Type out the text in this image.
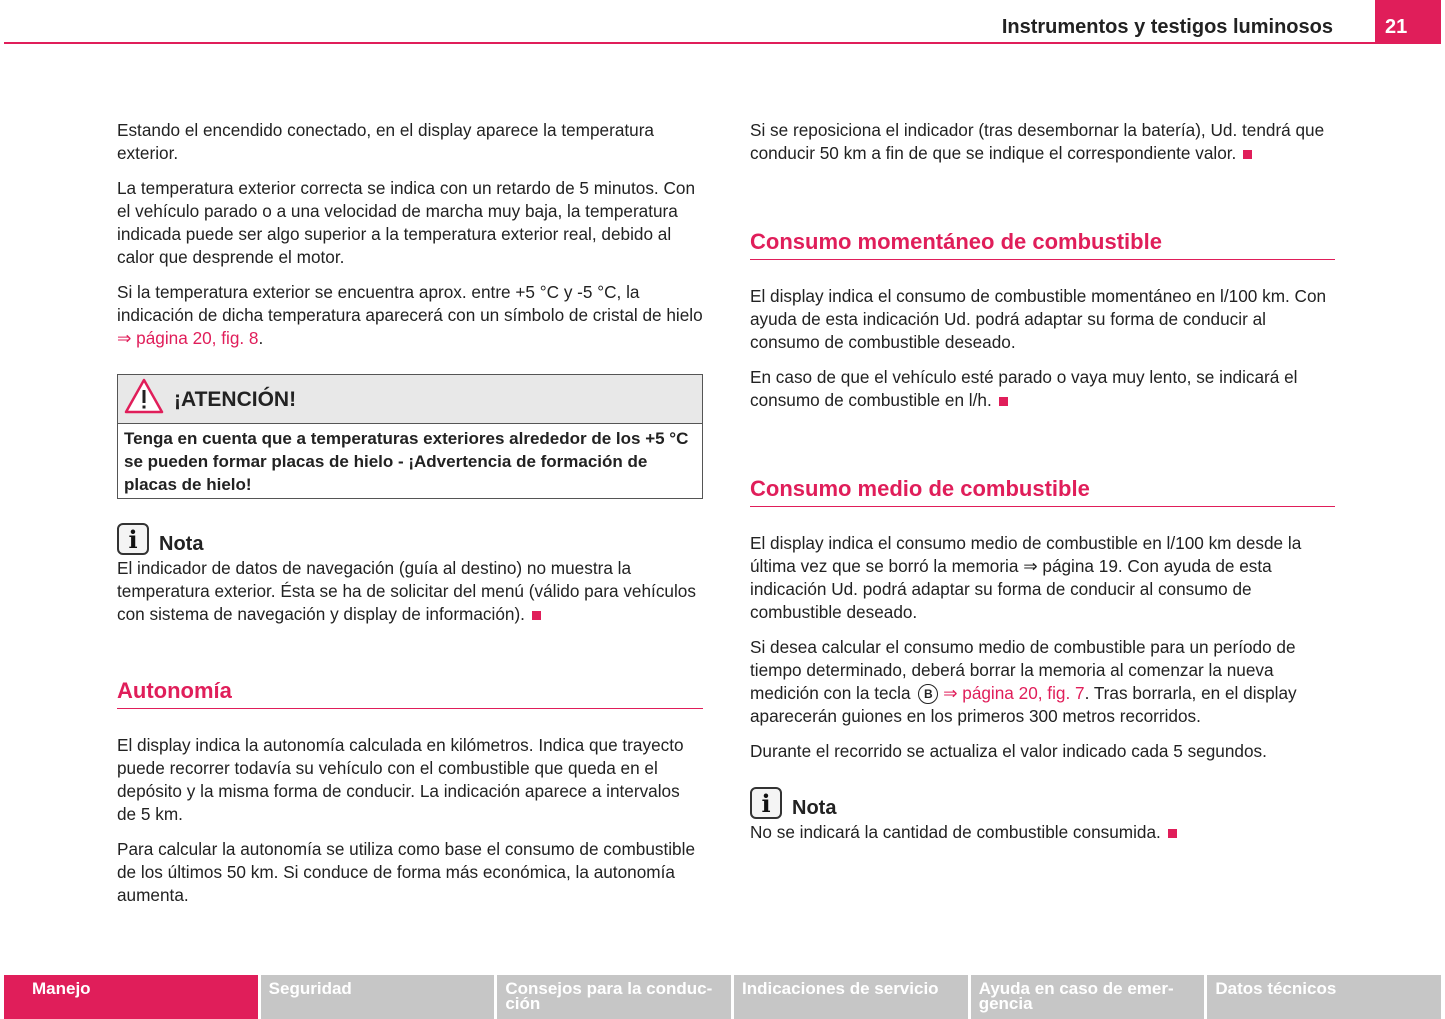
Instrumentos y testigos luminosos	21

Estando el encendido conectado, en el display aparece la temperatura exterior.

La temperatura exterior correcta se indica con un retardo de 5 minutos. Con el vehículo parado o a una velocidad de marcha muy baja, la temperatura indicada puede ser algo superior a la temperatura exterior real, debido al calor que desprende el motor.

Si la temperatura exterior se encuentra aprox. entre +5 °C y -5 °C, la indicación de dicha temperatura aparecerá con un símbolo de cristal de hielo ⇒ página 20, fig. 8.

¡ATENCIÓN!
Tenga en cuenta que a temperaturas exteriores alrededor de los +5 °C se pueden formar placas de hielo - ¡Advertencia de formación de placas de hielo!
i	Nota

El indicador de datos de navegación (guía al destino) no muestra la temperatura exterior. Ésta se ha de solicitar del menú (válido para vehículos con sistema de navegación y display de información).

Autonomía

El display indica la autonomía calculada en kilómetros. Indica que trayecto puede recorrer todavía su vehículo con el combustible que queda en el depósito y la misma forma de conducir. La indicación aparece a intervalos de 5 km.

Para calcular la autonomía se utiliza como base el consumo de combustible de los últimos 50 km. Si conduce de forma más económica, la autonomía aumenta.

Si se reposiciona el indicador (tras desembornar la batería), Ud. tendrá que conducir 50 km a fin de que se indique el correspondiente valor.

Consumo momentáneo de combustible

El display indica el consumo de combustible momentáneo en l/100 km. Con ayuda de esta indicación Ud. podrá adaptar su forma de conducir al consumo de combustible deseado.

En caso de que el vehículo esté parado o vaya muy lento, se indicará el consumo de combustible en l/h.

Consumo medio de combustible

El display indica el consumo medio de combustible en l/100 km desde la última vez que se borró la memoria ⇒ página 19. Con ayuda de esta indicación Ud. podrá adaptar su forma de conducir al consumo de combustible deseado.

Si desea calcular el consumo medio de combustible para un período de tiempo determinado, deberá borrar la memoria al comenzar la nueva medición con la tecla B ⇒ página 20, fig. 7. Tras borrarla, en el display aparecerán guiones en los primeros 300 metros recorridos.

Durante el recorrido se actualiza el valor indicado cada 5 segundos.

i	Nota

No se indicará la cantidad de combustible consumida.

Manejo	Seguridad	Consejos para la conduc-ción
Indicaciones de servicio	Ayuda en caso de emer-gencia
Datos técnicos
